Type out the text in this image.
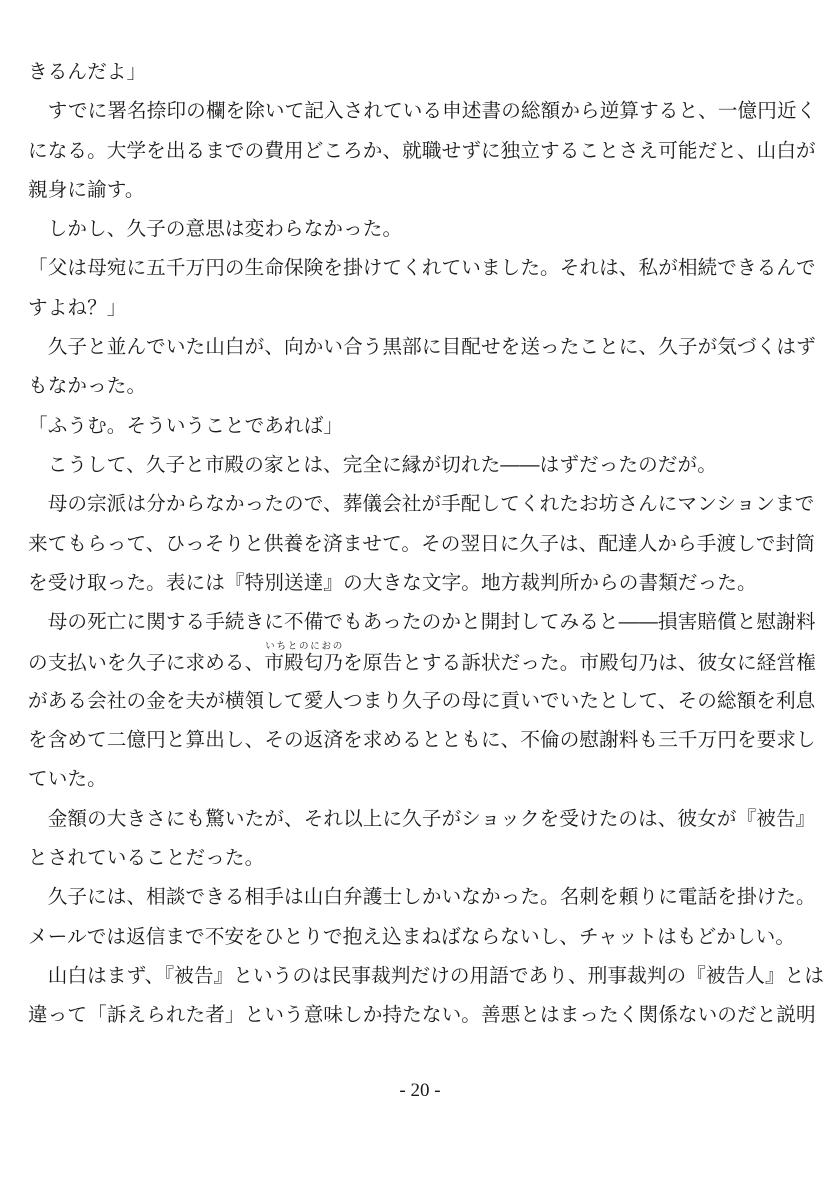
きるんだよ」
　すでに署名捺印の欄を除いて記入されている申述書の総額から逆算すると、一億円近く
になる。大学を出るまでの費用どころか、就職せずに独立することさえ可能だと、山白が
親身に諭す。
　しかし、久子の意思は変わらなかった。
「父は母宛に五千万円の生命保険を掛けてくれていました。それは、私が相続できるんで
すよね？」
　久子と並んでいた山白が、向かい合う黒部に目配せを送ったことに、久子が気づくはず
もなかった。
「ふうむ。そういうことであれば」
　こうして、久子と市殿の家とは、完全に縁が切れた――はずだったのだが。
　母の宗派は分からなかったので、葬儀会社が手配してくれたお坊さんにマンションまで
来てもらって、ひっそりと供養を済ませて。その翌日に久子は、配達人から手渡しで封筒
を受け取った。表には『特別送達』の大きな文字。地方裁判所からの書類だった。
　母の死亡に関する手続きに不備でもあったのかと開封してみると――損害賠償と慰謝料
の支払いを久子に求める、市殿匂乃いちとのにおのを原告とする訴状だった。市殿匂乃は、彼女に経営権
がある会社の金を夫が横領して愛人つまり久子の母に貢いでいたとして、その総額を利息
を含めて二億円と算出し、その返済を求めるとともに、不倫の慰謝料も三千万円を要求し
ていた。
　金額の大きさにも驚いたが、それ以上に久子がショックを受けたのは、彼女が『被告』
とされていることだった。
　久子には、相談できる相手は山白弁護士しかいなかった。名刺を頼りに電話を掛けた。
メールでは返信まで不安をひとりで抱え込まねばならないし、チャットはもどかしい。
　山白はまず、『被告』というのは民事裁判だけの用語であり、刑事裁判の『被告人』とは
違って「訴えられた者」という意味しか持たない。善悪とはまったく関係ないのだと説明
- 20 -
